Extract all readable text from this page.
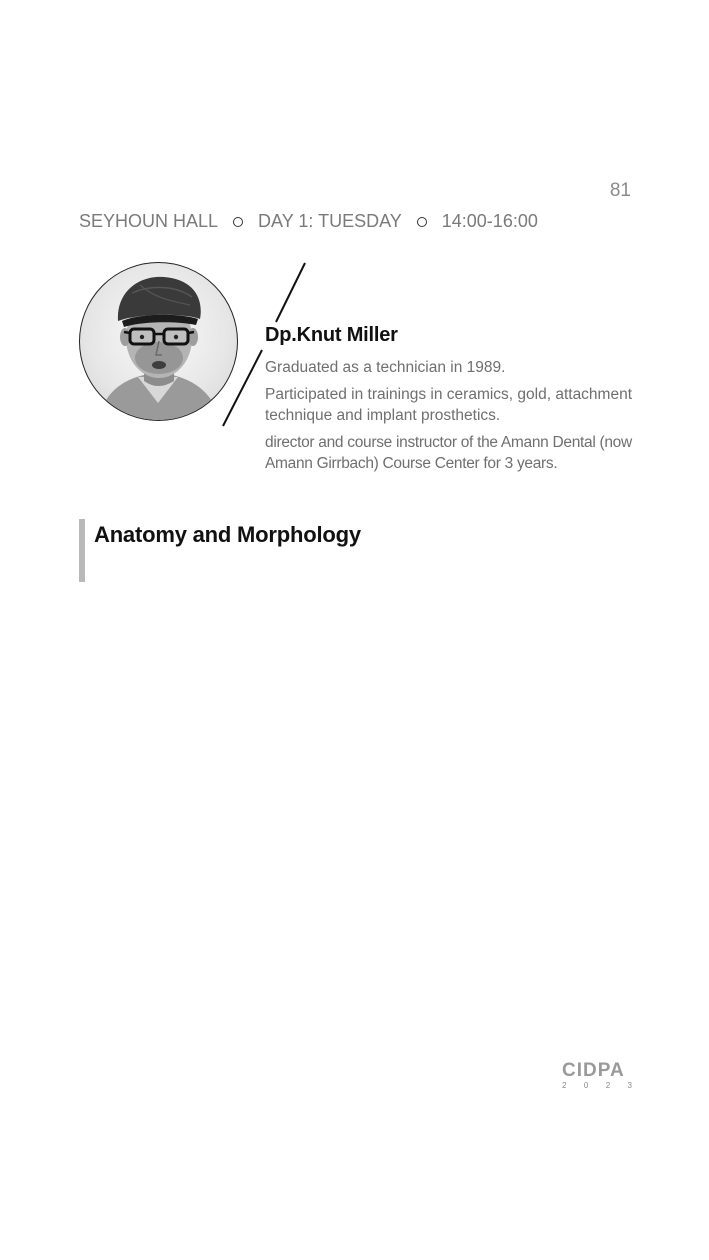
81
SEYHOUN HALL DAY 1: TUESDAY 14:00-16:00
Dp.Knut Miller
Graduated as a technician in 1989.
Participated in trainings in ceramics, gold, attachment technique and implant prosthetics.
director and course instructor of the Amann Dental (now Amann Girrbach) Course Center for 3 years.
Anatomy and Morphology
CIDPA
2 0 2 3
